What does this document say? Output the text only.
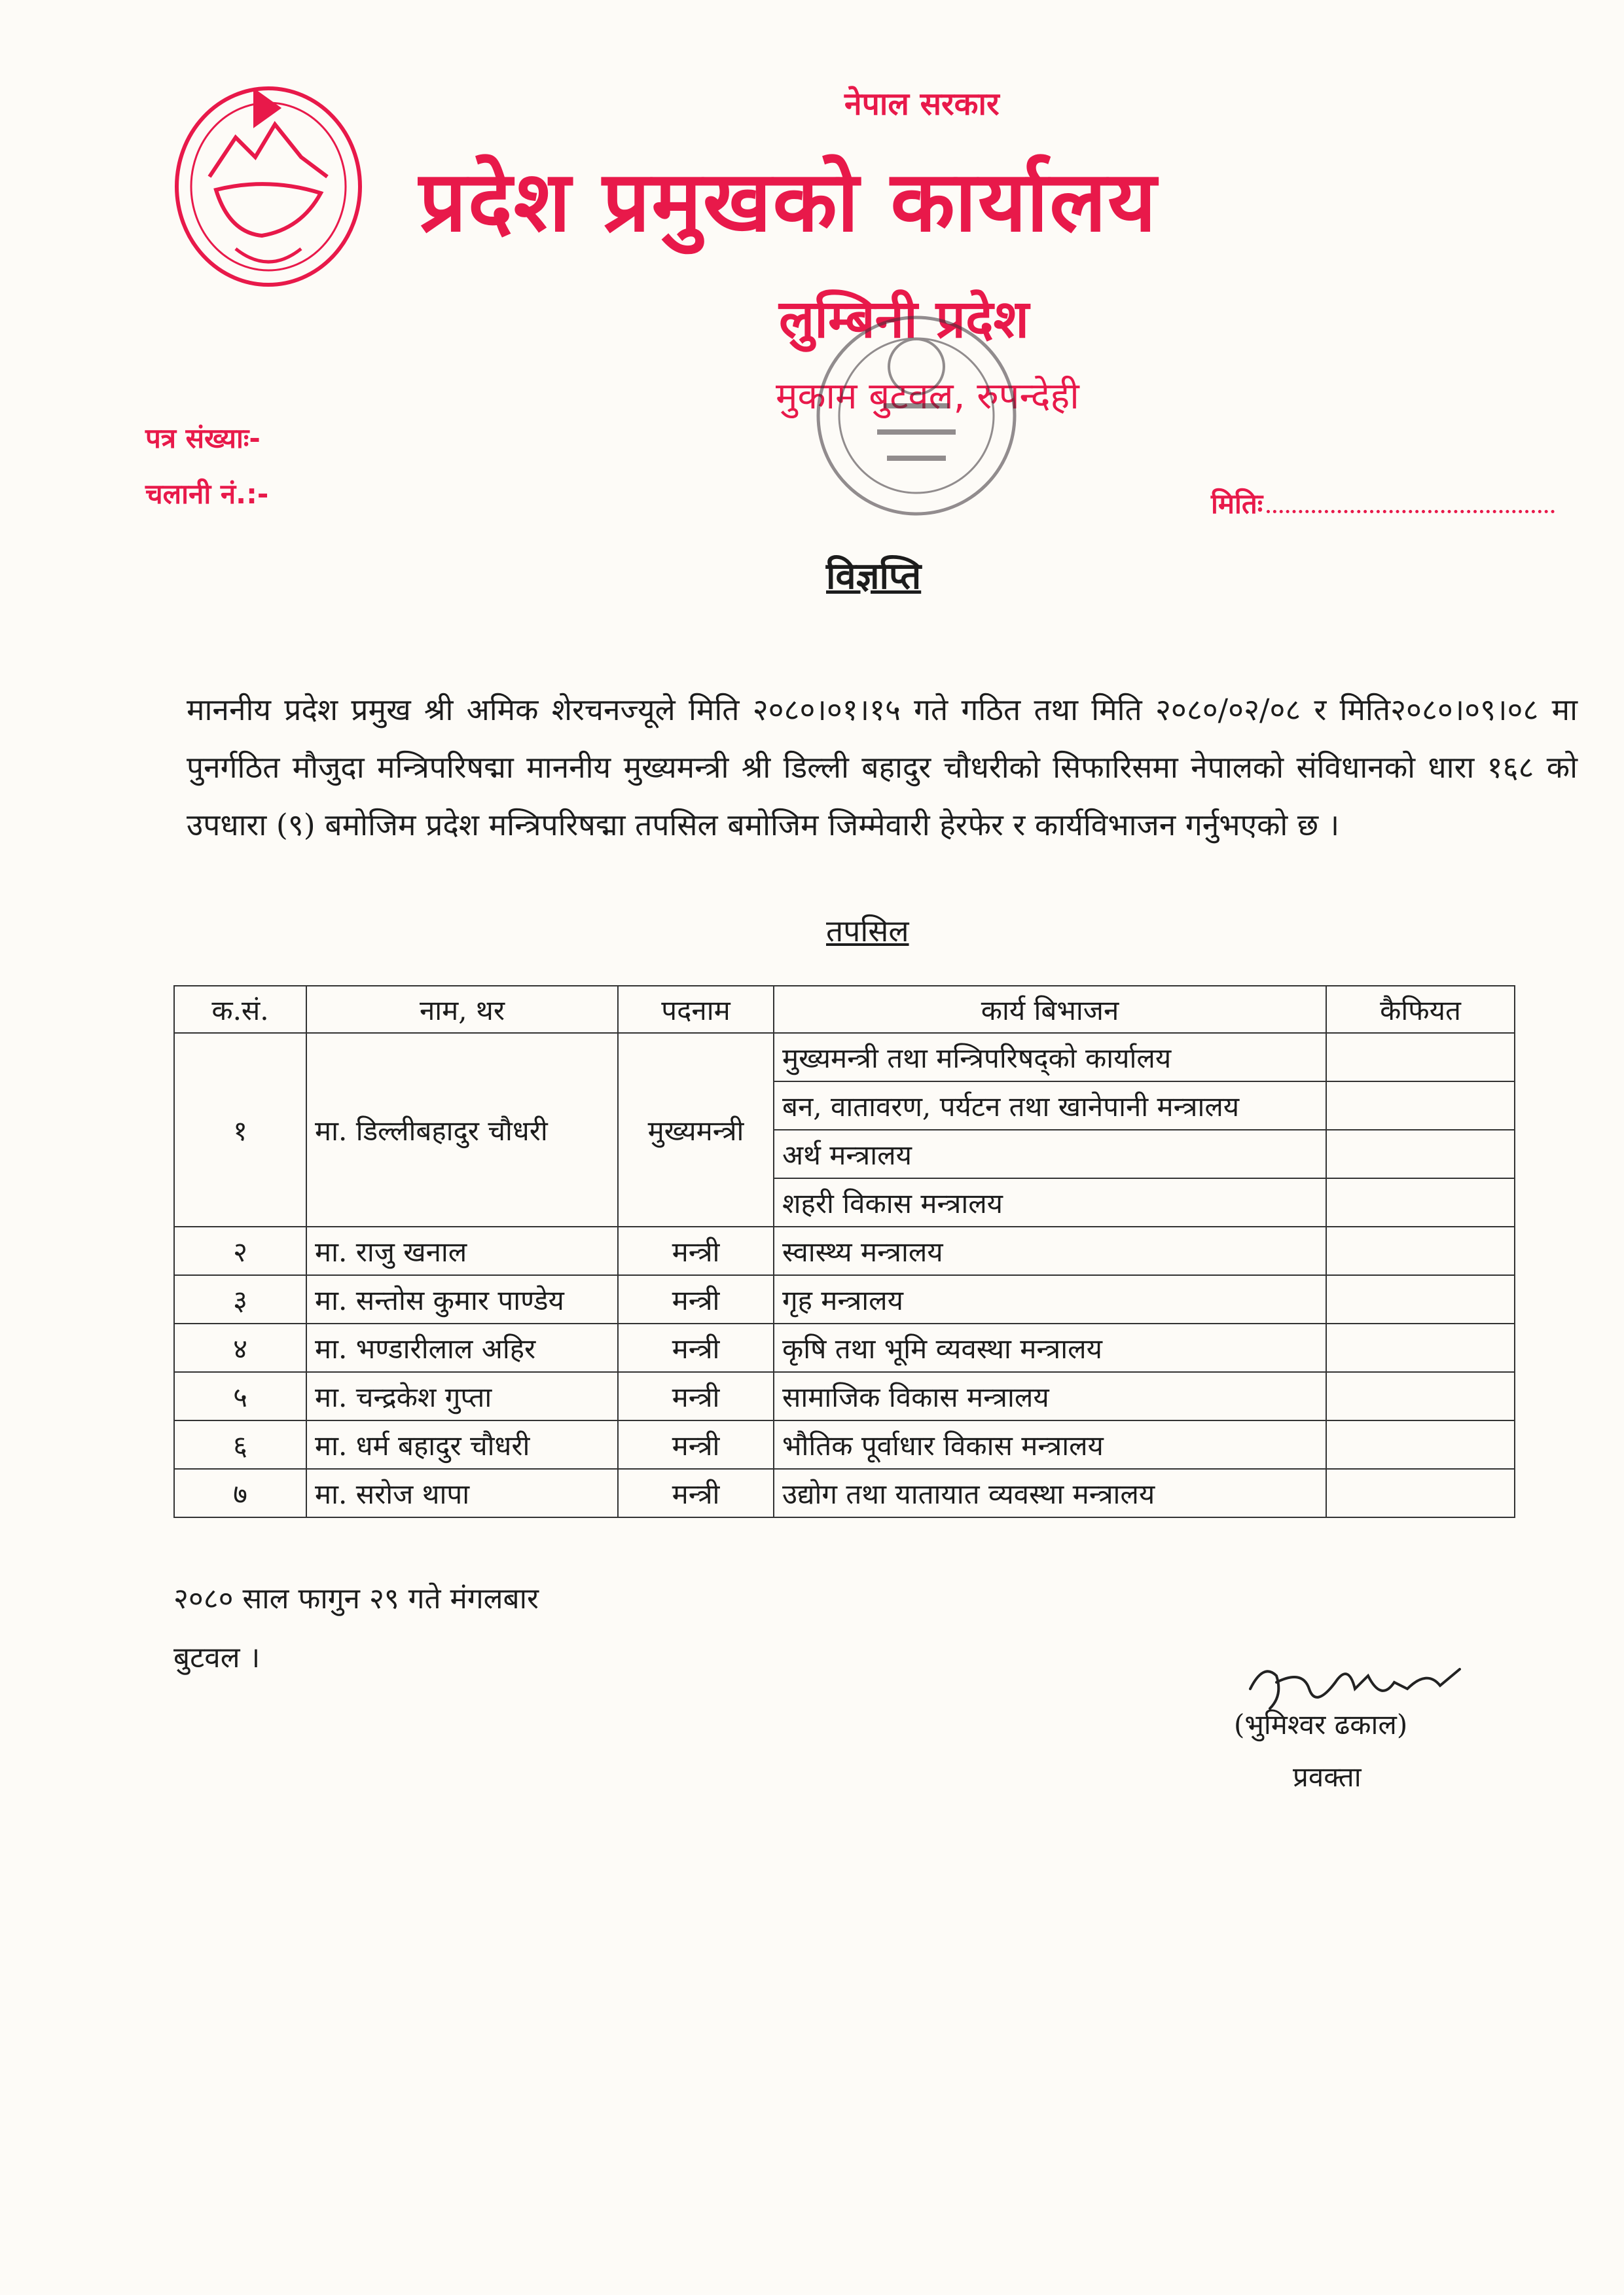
नेपाल सरकार
प्रदेश प्रमुखको कार्यालय
लुम्बिनी प्रदेश
मुकाम बुटवल, रुपन्देही
पत्र संख्याः-
चलानी नं.:-	मितिः
विज्ञप्ति
माननीय प्रदेश प्रमुख श्री अमिक शेरचनज्यूले मिति २०८०।०१।१५ गते गठित तथा मिति २०८०/०२/०८ र मिति२०८०।०९।०८ मा पुनर्गठित मौजुदा मन्त्रिपरिषद्मा माननीय मुख्यमन्त्री श्री डिल्ली बहादुर चौधरीको सिफारिसमा नेपालको संविधानको धारा १६८ को उपधारा (९) बमोजिम प्रदेश मन्त्रिपरिषद्मा तपसिल बमोजिम जिम्मेवारी हेरफेर र कार्यविभाजन गर्नुभएको छ ।
तपसिल
क.सं.	नाम, थर	पदनाम	कार्य बिभाजन	कैफियत
१	मा. डिल्लीबहादुर चौधरी	मुख्यमन्त्री	मुख्यमन्त्री तथा मन्त्रिपरिषद्को कार्यालय	
			बन, वातावरण, पर्यटन तथा खानेपानी मन्त्रालय	
			अर्थ मन्त्रालय	
			शहरी विकास मन्त्रालय	
२	मा. राजु खनाल	मन्त्री	स्वास्थ्य मन्त्रालय	
३	मा. सन्तोस कुमार पाण्डेय	मन्त्री	गृह मन्त्रालय	
४	मा. भण्डारीलाल अहिर	मन्त्री	कृषि तथा भूमि व्यवस्था मन्त्रालय	
५	मा. चन्द्रकेश गुप्ता	मन्त्री	सामाजिक विकास मन्त्रालय	
६	मा. धर्म बहादुर चौधरी	मन्त्री	भौतिक पूर्वाधार विकास मन्त्रालय	
७	मा. सरोज थापा	मन्त्री	उद्योग तथा यातायात व्यवस्था मन्त्रालय	
२०८० साल फागुन २९ गते मंगलबार
बुटवल ।
(भुमिश्वर ढकाल)
प्रवक्ता
